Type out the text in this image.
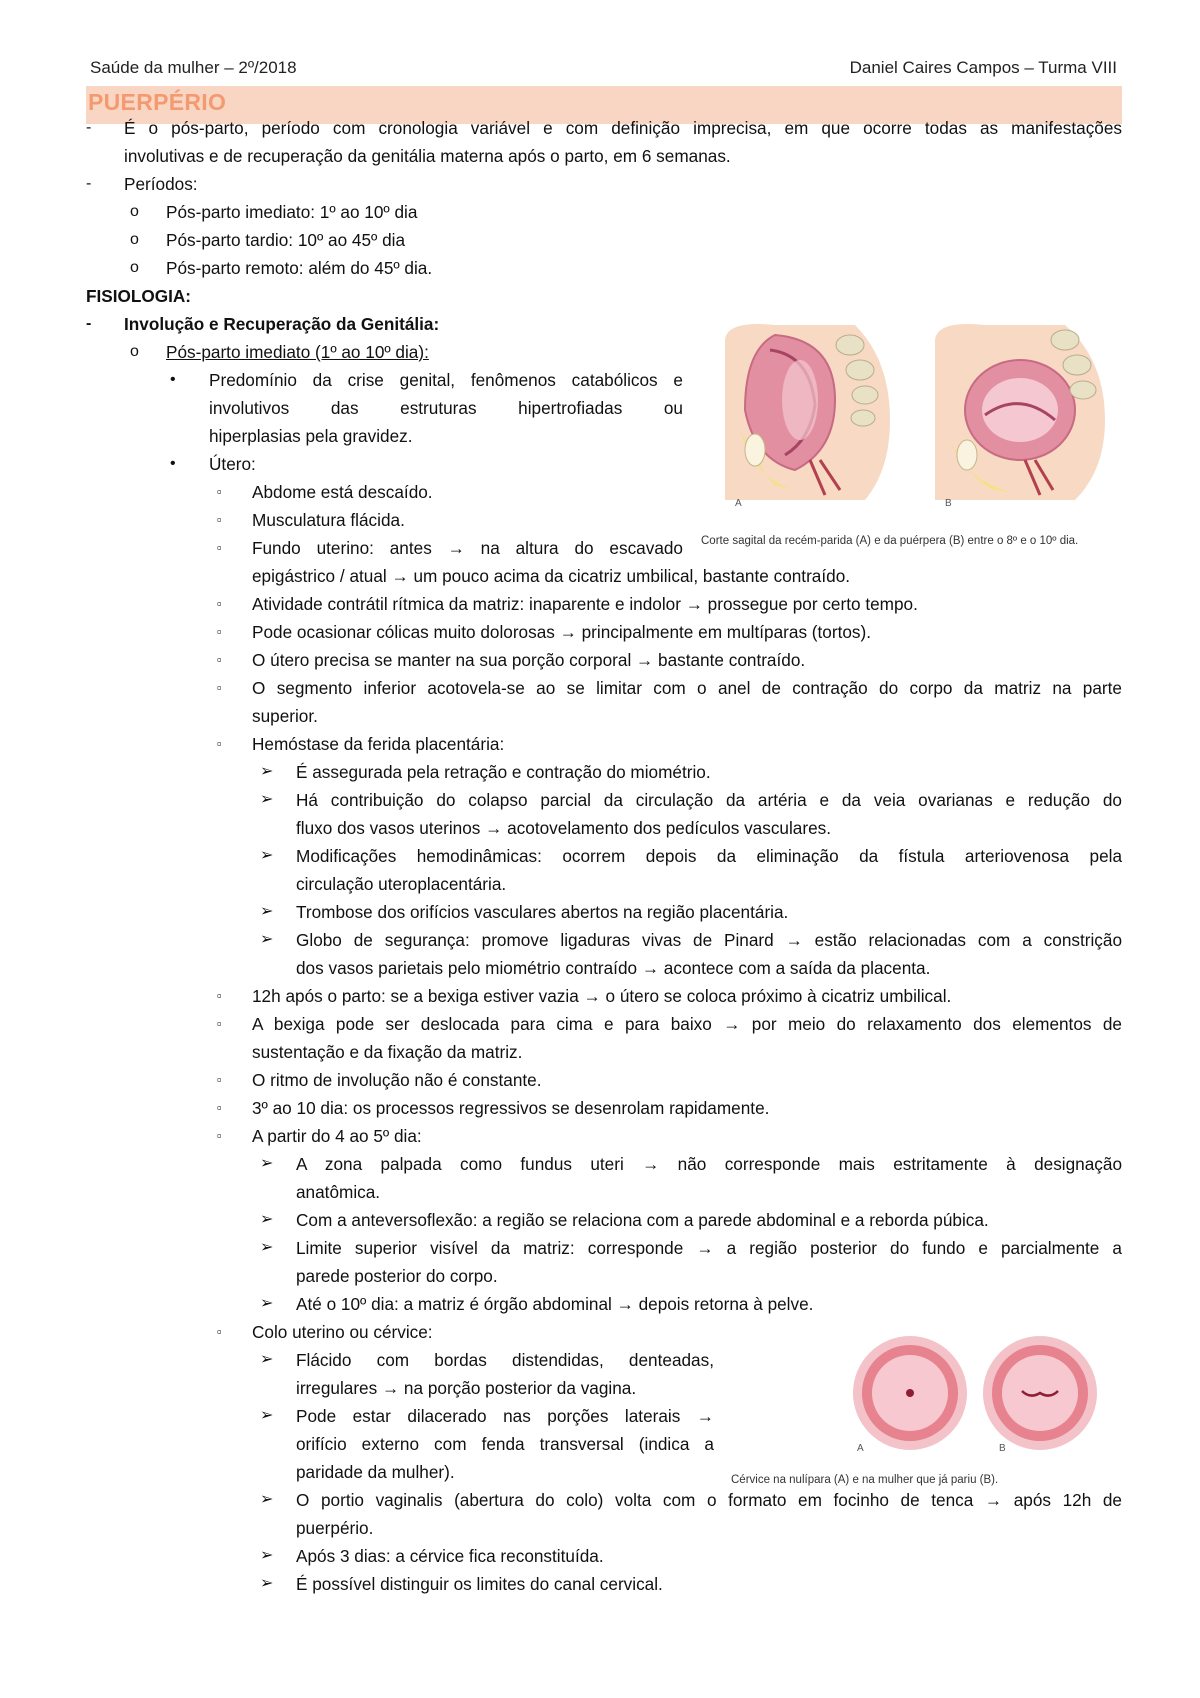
Saúde da mulher – 2º/2018	Daniel Caires Campos – Turma VIII
PUERPÉRIO
- É o pós-parto, período com cronologia variável e com definição imprecisa, em que ocorre todas as manifestações
involutivas e de recuperação da genitália materna após o parto, em 6 semanas.
- Períodos:
o Pós-parto imediato: 1º ao 10º dia
o Pós-parto tardio: 10º ao 45º dia
o Pós-parto remoto: além do 45º dia.
FISIOLOGIA:
- Involução e Recuperação da Genitália:
o Pós-parto imediato (1º ao 10º dia):
• Predomínio da crise genital, fenômenos catabólicos e
involutivos das estruturas hipertrofiadas ou
hiperplasias pela gravidez.
• Útero:
▫ Abdome está descaído.
▫ Musculatura flácida.
▫ Fundo uterino: antes → na altura do escavado
epigástrico / atual → um pouco acima da cicatriz umbilical, bastante contraído.
▫ Atividade contrátil rítmica da matriz: inaparente e indolor → prossegue por certo tempo.
▫ Pode ocasionar cólicas muito dolorosas → principalmente em multíparas (tortos).
▫ O útero precisa se manter na sua porção corporal → bastante contraído.
▫ O segmento inferior acotovela-se ao se limitar com o anel de contração do corpo da matriz na parte
superior.
▫ Hemóstase da ferida placentária:
➢ É assegurada pela retração e contração do miométrio.
➢ Há contribuição do colapso parcial da circulação da artéria e da veia ovarianas e redução do
fluxo dos vasos uterinos → acotovelamento dos pedículos vasculares.
➢ Modificações hemodinâmicas: ocorrem depois da eliminação da fístula arteriovenosa pela
circulação uteroplacentária.
➢ Trombose dos orifícios vasculares abertos na região placentária.
➢ Globo de segurança: promove ligaduras vivas de Pinard → estão relacionadas com a constrição
dos vasos parietais pelo miométrio contraído → acontece com a saída da placenta.
▫ 12h após o parto: se a bexiga estiver vazia → o útero se coloca próximo à cicatriz umbilical.
▫ A bexiga pode ser deslocada para cima e para baixo → por meio do relaxamento dos elementos de
sustentação e da fixação da matriz.
▫ O ritmo de involução não é constante.
▫ 3º ao 10 dia: os processos regressivos se desenrolam rapidamente.
▫ A partir do 4 ao 5º dia:
➢ A zona palpada como fundus uteri → não corresponde mais estritamente à designação
anatômica.
➢ Com a anteversoflexão: a região se relaciona com a parede abdominal e a reborda púbica.
➢ Limite superior visível da matriz: corresponde → a região posterior do fundo e parcialmente a
parede posterior do corpo.
➢ Até o 10º dia: a matriz é órgão abdominal → depois retorna à pelve.
▫ Colo uterino ou cérvice:
➢ Flácido com bordas distendidas, denteadas,
irregulares → na porção posterior da vagina.
➢ Pode estar dilacerado nas porções laterais →
orifício externo com fenda transversal (indica a
paridade da mulher).
➢ O portio vaginalis (abertura do colo) volta com o formato em focinho de tenca → após 12h de
puerpério.
➢ Após 3 dias: a cérvice fica reconstituída.
➢ É possível distinguir os limites do canal cervical.
A	B
Corte sagital da recém-parida (A) e da puérpera (B) entre o 8º e o 10º dia.
A	B
Cérvice na nulípara (A) e na mulher que já pariu (B).
